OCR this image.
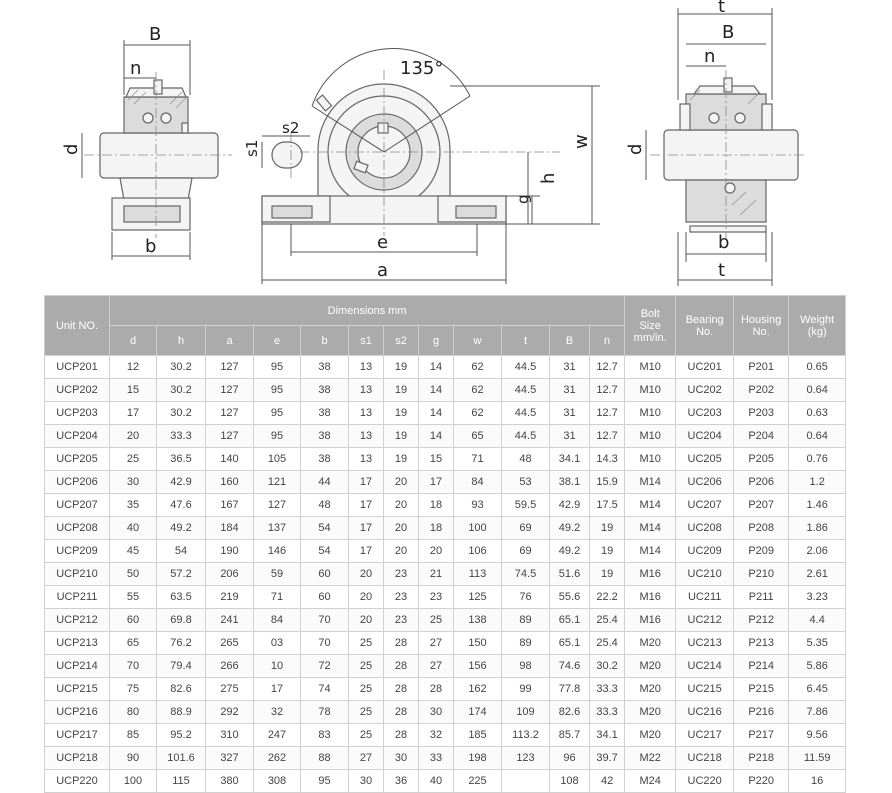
B
n
d
b
135°
s2
s1
e
a
w
h
g
t
B
n
d
b
t
Unit NO.	Dimensions mm												Bolt
Size
mm/in.	Bearing
No.	Housing
No.	Weight
(kg)
	d	h	a	e	b	s1	s2	g	w	t	B	n				
UCP201	12	30.2	127	95	38	13	19	14	62	44.5	31	12.7	M10	UC201	P201	0.65
UCP202	15	30.2	127	95	38	13	19	14	62	44.5	31	12.7	M10	UC202	P202	0.64
UCP203	17	30.2	127	95	38	13	19	14	62	44.5	31	12.7	M10	UC203	P203	0.63
UCP204	20	33.3	127	95	38	13	19	14	65	44.5	31	12.7	M10	UC204	P204	0.64
UCP205	25	36.5	140	105	38	13	19	15	71	48	34.1	14.3	M10	UC205	P205	0.76
UCP206	30	42.9	160	121	44	17	20	17	84	53	38.1	15.9	M14	UC206	P206	1.2
UCP207	35	47.6	167	127	48	17	20	18	93	59.5	42.9	17.5	M14	UC207	P207	1.46
UCP208	40	49.2	184	137	54	17	20	18	100	69	49.2	19	M14	UC208	P208	1.86
UCP209	45	54	190	146	54	17	20	20	106	69	49.2	19	M14	UC209	P209	2.06
UCP210	50	57.2	206	59	60	20	23	21	113	74.5	51.6	19	M16	UC210	P210	2.61
UCP211	55	63.5	219	71	60	20	23	23	125	76	55.6	22.2	M16	UC211	P211	3.23
UCP212	60	69.8	241	84	70	20	23	25	138	89	65.1	25.4	M16	UC212	P212	4.4
UCP213	65	76.2	265	03	70	25	28	27	150	89	65.1	25.4	M20	UC213	P213	5.35
UCP214	70	79.4	266	10	72	25	28	27	156	98	74.6	30.2	M20	UC214	P214	5.86
UCP215	75	82.6	275	17	74	25	28	28	162	99	77.8	33.3	M20	UC215	P215	6.45
UCP216	80	88.9	292	32	78	25	28	30	174	109	82.6	33.3	M20	UC216	P216	7.86
UCP217	85	95.2	310	247	83	25	28	32	185	113.2	85.7	34.1	M20	UC217	P217	9.56
UCP218	90	101.6	327	262	88	27	30	33	198	123	96	39.7	M22	UC218	P218	11.59
UCP220	100	115	380	308	95	30	36	40	225		108	42	M24	UC220	P220	16
